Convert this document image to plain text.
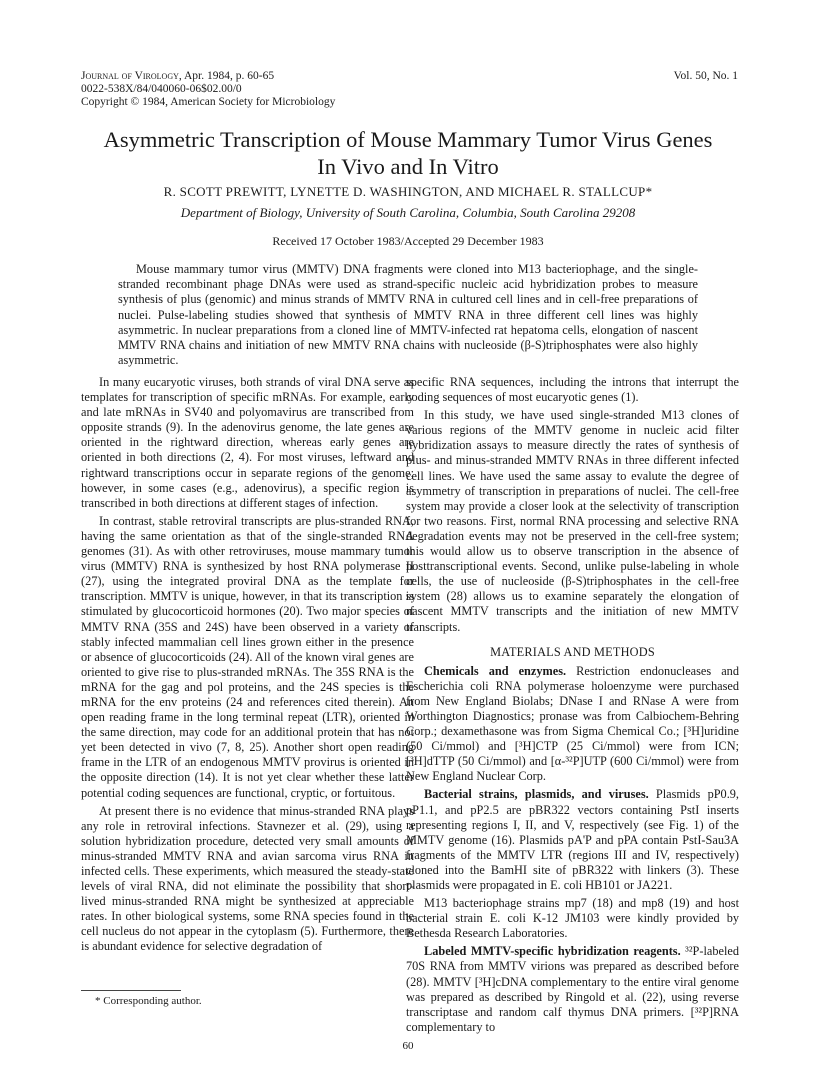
Journal of Virology, Apr. 1984, p. 60-65
0022-538X/84/040060-06$02.00/0
Copyright © 1984, American Society for Microbiology
Vol. 50, No. 1
Asymmetric Transcription of Mouse Mammary Tumor Virus Genes
In Vivo and In Vitro
R. SCOTT PREWITT, LYNETTE D. WASHINGTON, AND MICHAEL R. STALLCUP*
Department of Biology, University of South Carolina, Columbia, South Carolina 29208
Received 17 October 1983/Accepted 29 December 1983
Mouse mammary tumor virus (MMTV) DNA fragments were cloned into M13 bacteriophage, and the single-stranded recombinant phage DNAs were used as strand-specific nucleic acid hybridization probes to measure synthesis of plus (genomic) and minus strands of MMTV RNA in cultured cell lines and in cell-free preparations of nuclei. Pulse-labeling studies showed that synthesis of MMTV RNA in three different cell lines was highly asymmetric. In nuclear preparations from a cloned line of MMTV-infected rat hepatoma cells, elongation of nascent MMTV RNA chains and initiation of new MMTV RNA chains with nucleoside (β-S)triphosphates were also highly asymmetric.

In many eucaryotic viruses, both strands of viral DNA serve as templates for transcription of specific mRNAs. For example, early and late mRNAs in SV40 and polyomavirus are transcribed from opposite strands (9). In the adenovirus genome, the late genes are oriented in the rightward direction, whereas early genes are oriented in both directions (2, 4). For most viruses, leftward and rightward transcriptions occur in separate regions of the genome; however, in some cases (e.g., adenovirus), a specific region is transcribed in both directions at different stages of infection.

In contrast, stable retroviral transcripts are plus-stranded RNA, having the same orientation as that of the single-stranded RNA genomes (31). As with other retroviruses, mouse mammary tumor virus (MMTV) RNA is synthesized by host RNA polymerase II (27), using the integrated proviral DNA as the template for transcription. MMTV is unique, however, in that its transcription is stimulated by glucocorticoid hormones (20). Two major species of MMTV RNA (35S and 24S) have been observed in a variety of stably infected mammalian cell lines grown either in the presence or absence of glucocorticoids (24). All of the known viral genes are oriented to give rise to plus-stranded mRNAs. The 35S RNA is the mRNA for the gag and pol proteins, and the 24S species is the mRNA for the env proteins (24 and references cited therein). An open reading frame in the long terminal repeat (LTR), oriented in the same direction, may code for an additional protein that has not yet been detected in vivo (7, 8, 25). Another short open reading frame in the LTR of an endogenous MMTV provirus is oriented in the opposite direction (14). It is not yet clear whether these latter potential coding sequences are functional, cryptic, or fortuitous.

At present there is no evidence that minus-stranded RNA plays any role in retroviral infections. Stavnezer et al. (29), using a solution hybridization procedure, detected very small amounts of minus-stranded MMTV RNA and avian sarcoma virus RNA in infected cells. These experiments, which measured the steady-state levels of viral RNA, did not eliminate the possibility that short-lived minus-stranded RNA might be synthesized at appreciable rates. In other biological systems, some RNA species found in the cell nucleus do not appear in the cytoplasm (5). Furthermore, there is abundant evidence for selective degradation of

specific RNA sequences, including the introns that interrupt the coding sequences of most eucaryotic genes (1).

In this study, we have used single-stranded M13 clones of various regions of the MMTV genome in nucleic acid filter hybridization assays to measure directly the rates of synthesis of plus- and minus-stranded MMTV RNAs in three different infected cell lines. We have used the same assay to evalute the degree of asymmetry of transcription in preparations of nuclei. The cell-free system may provide a closer look at the selectivity of transcription for two reasons. First, normal RNA processing and selective RNA degradation events may not be preserved in the cell-free system; this would allow us to observe transcription in the absence of posttranscriptional events. Second, unlike pulse-labeling in whole cells, the use of nucleoside (β-S)triphosphates in the cell-free system (28) allows us to examine separately the elongation of nascent MMTV transcripts and the initiation of new MMTV transcripts.

MATERIALS AND METHODS

Chemicals and enzymes. Restriction endonucleases and Escherichia coli RNA polymerase holoenzyme were purchased from New England Biolabs; DNase I and RNase A were from Worthington Diagnostics; pronase was from Calbiochem-Behring Corp.; dexamethasone was from Sigma Chemical Co.; [³H]uridine (50 Ci/mmol) and [³H]CTP (25 Ci/mmol) were from ICN; [³H]dTTP (50 Ci/mmol) and [α-³²P]UTP (600 Ci/mmol) were from New England Nuclear Corp.

Bacterial strains, plasmids, and viruses. Plasmids pP0.9, pP1.1, and pP2.5 are pBR322 vectors containing PstI inserts representing regions I, II, and V, respectively (see Fig. 1) of the MMTV genome (16). Plasmids pA'P and pPA contain PstI-Sau3A fragments of the MMTV LTR (regions III and IV, respectively) cloned into the BamHI site of pBR322 with linkers (3). These plasmids were propagated in E. coli HB101 or JA221.

M13 bacteriophage strains mp7 (18) and mp8 (19) and host bacterial strain E. coli K-12 JM103 were kindly provided by Bethesda Research Laboratories.

Labeled MMTV-specific hybridization reagents. ³²P-labeled 70S RNA from MMTV virions was prepared as described before (28). MMTV [³H]cDNA complementary to the entire viral genome was prepared as described by Ringold et al. (22), using reverse transcriptase and random calf thymus DNA primers. [³²P]RNA complementary to

* Corresponding author.
60
